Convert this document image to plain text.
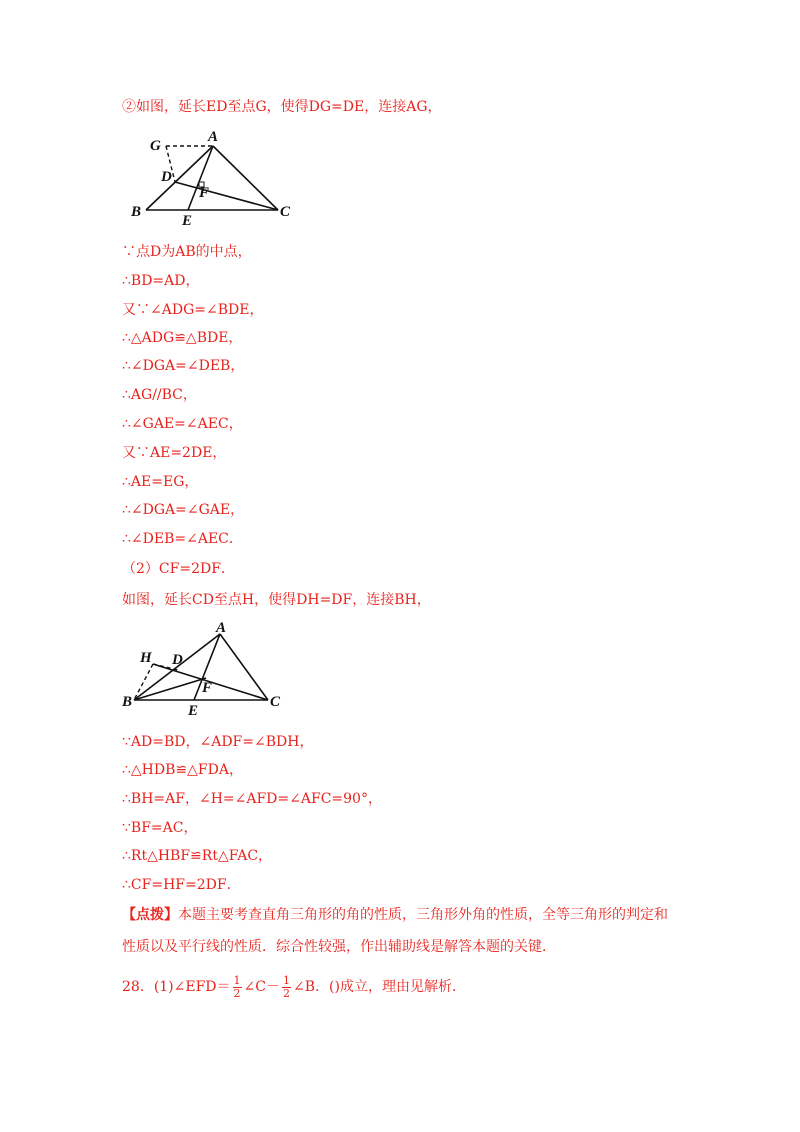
②如图，延长ED至点G，使得DG=DE，连接AG，
G
A
D
F
B
E
C
∵点D为AB的中点，
∴BD=AD，
又∵∠ADG=∠BDE，
∴△ADG≌△BDE，
∴∠DGA=∠DEB，
∴AG//BC，
∴∠GAE=∠AEC，
又∵AE=2DE，
∴AE=EG，
∴∠DGA=∠GAE，
∴∠DEB=∠AEC．
（2）CF=2DF．
如图，延长CD至点H，使得DH=DF，连接BH，
A
H D
F
B
E
C
∵AD=BD，∠ADF=∠BDH，
∴△HDB≌△FDA，
∴BH=AF，∠H=∠AFD=∠AFC=90°，
∵BF=AC，
∴Rt△HBF≌Rt△FAC，
∴CF=HF=2DF．
【点拨】本题主要考查直角三角形的角的性质，三角形外角的性质，全等三角形的判定和
性质以及平行线的性质．综合性较强，作出辅助线是解答本题的关键．
28．(1)∠EFD＝ $\frac{1}{2}$ ∠C－ $\frac{1}{2}$ ∠B．()成立，理由见解析．
